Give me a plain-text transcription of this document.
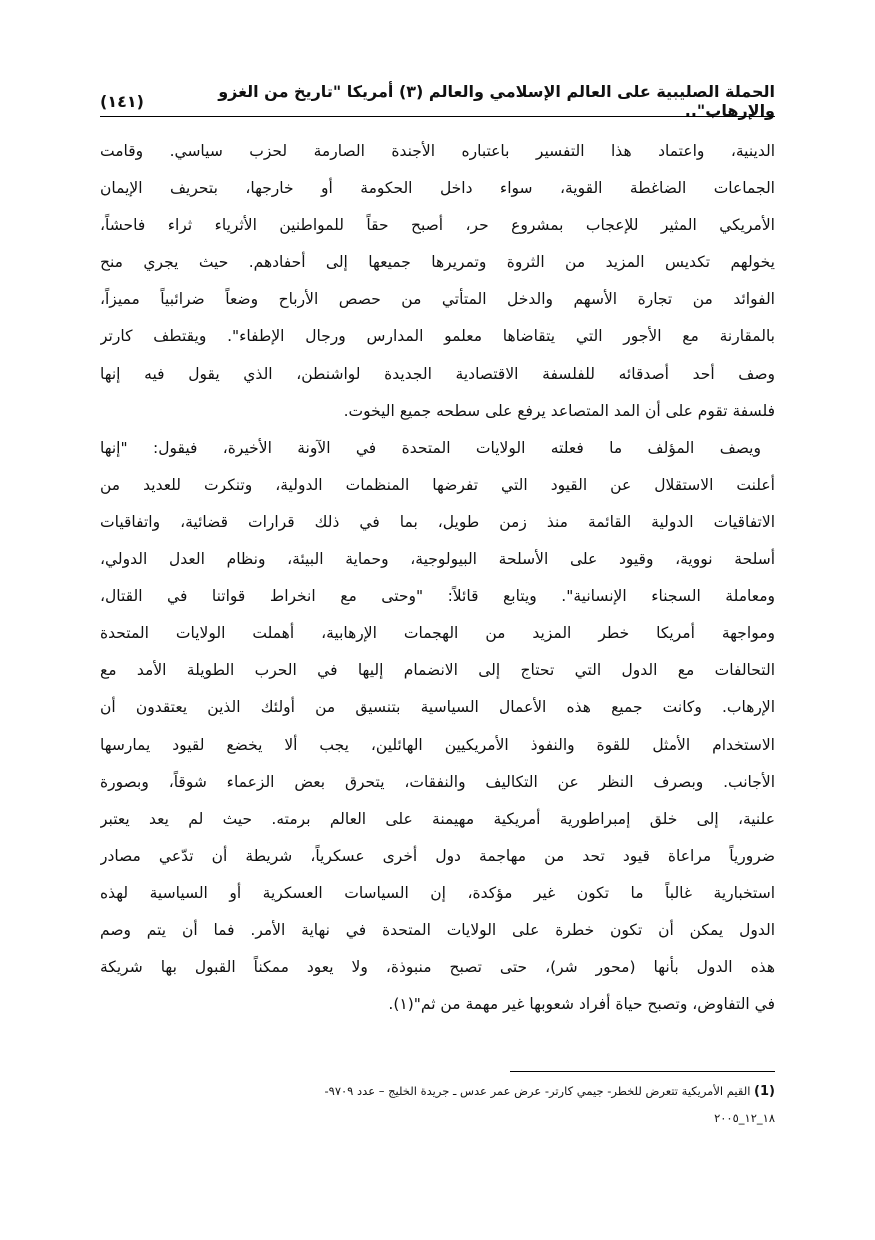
الحملة الصليبية على العالم الإسلامي والعالم (٣) أمريكا "تاريخ من الغزو والإرهاب"..
(١٤١)
الدينية، واعتماد هذا التفسير باعتباره الأجندة الصارمة لحزب سياسي. وقامت
الجماعات الضاغطة القوية، سواء داخل الحكومة أو خارجها، بتحريف الإيمان
الأمريكي المثير للإعجاب بمشروع حر، أصبح حقاً للمواطنين الأثرياء ثراء فاحشاً،
يخولهم تكديس المزيد من الثروة وتمريرها جميعها إلى أحفادهم. حيث يجري منح
الفوائد من تجارة الأسهم والدخل المتأتي من حصص الأرباح وضعاً ضرائبياً مميزاً،
بالمقارنة مع الأجور التي يتقاضاها معلمو المدارس ورجال الإطفاء". ويقتطف كارتر
وصف أحد أصدقائه للفلسفة الاقتصادية الجديدة لواشنطن، الذي يقول فيه إنها
فلسفة تقوم على أن المد المتصاعد يرفع على سطحه جميع اليخوت.
ويصف المؤلف ما فعلته الولايات المتحدة في الآونة الأخيرة، فيقول: "إنها
أعلنت الاستقلال عن القيود التي تفرضها المنظمات الدولية، وتنكرت للعديد من
الاتفاقيات الدولية القائمة منذ زمن طويل، بما في ذلك قرارات قضائية، واتفاقيات
أسلحة نووية، وقيود على الأسلحة البيولوجية، وحماية البيئة، ونظام العدل الدولي،
ومعاملة السجناء الإنسانية". ويتابع قائلاً: "وحتى مع انخراط قواتنا في القتال،
ومواجهة أمريكا خطر المزيد من الهجمات الإرهابية، أهملت الولايات المتحدة
التحالفات مع الدول التي تحتاج إلى الانضمام إليها في الحرب الطويلة الأمد مع
الإرهاب. وكانت جميع هذه الأعمال السياسية بتنسيق من أولئك الذين يعتقدون أن
الاستخدام الأمثل للقوة والنفوذ الأمريكيين الهائلين، يجب ألا يخضع لقيود يمارسها
الأجانب. وبصرف النظر عن التكاليف والنفقات، يتحرق بعض الزعماء شوقاً، وبصورة
علنية، إلى خلق إمبراطورية أمريكية مهيمنة على العالم برمته. حيث لم يعد يعتبر
ضرورياً مراعاة قيود تحد من مهاجمة دول أخرى عسكرياً، شريطة أن تدّعي مصادر
استخبارية غالباً ما تكون غير مؤكدة، إن السياسات العسكرية أو السياسية لهذه
الدول يمكن أن تكون خطرة على الولايات المتحدة في نهاية الأمر. فما أن يتم وصم
هذه الدول بأنها (محور شر)، حتى تصبح منبوذة، ولا يعود ممكناً القبول بها شريكة
في التفاوض، وتصبح حياة أفراد شعوبها غير مهمة من ثم"(١).
(1) القيم الأمريكية تتعرض للخطر- جيمي كارتر- عرض عمر عدس ـ جريدة الخليج – عدد ٩٧٠٩-
١٨_١٢_٢٠٠٥
